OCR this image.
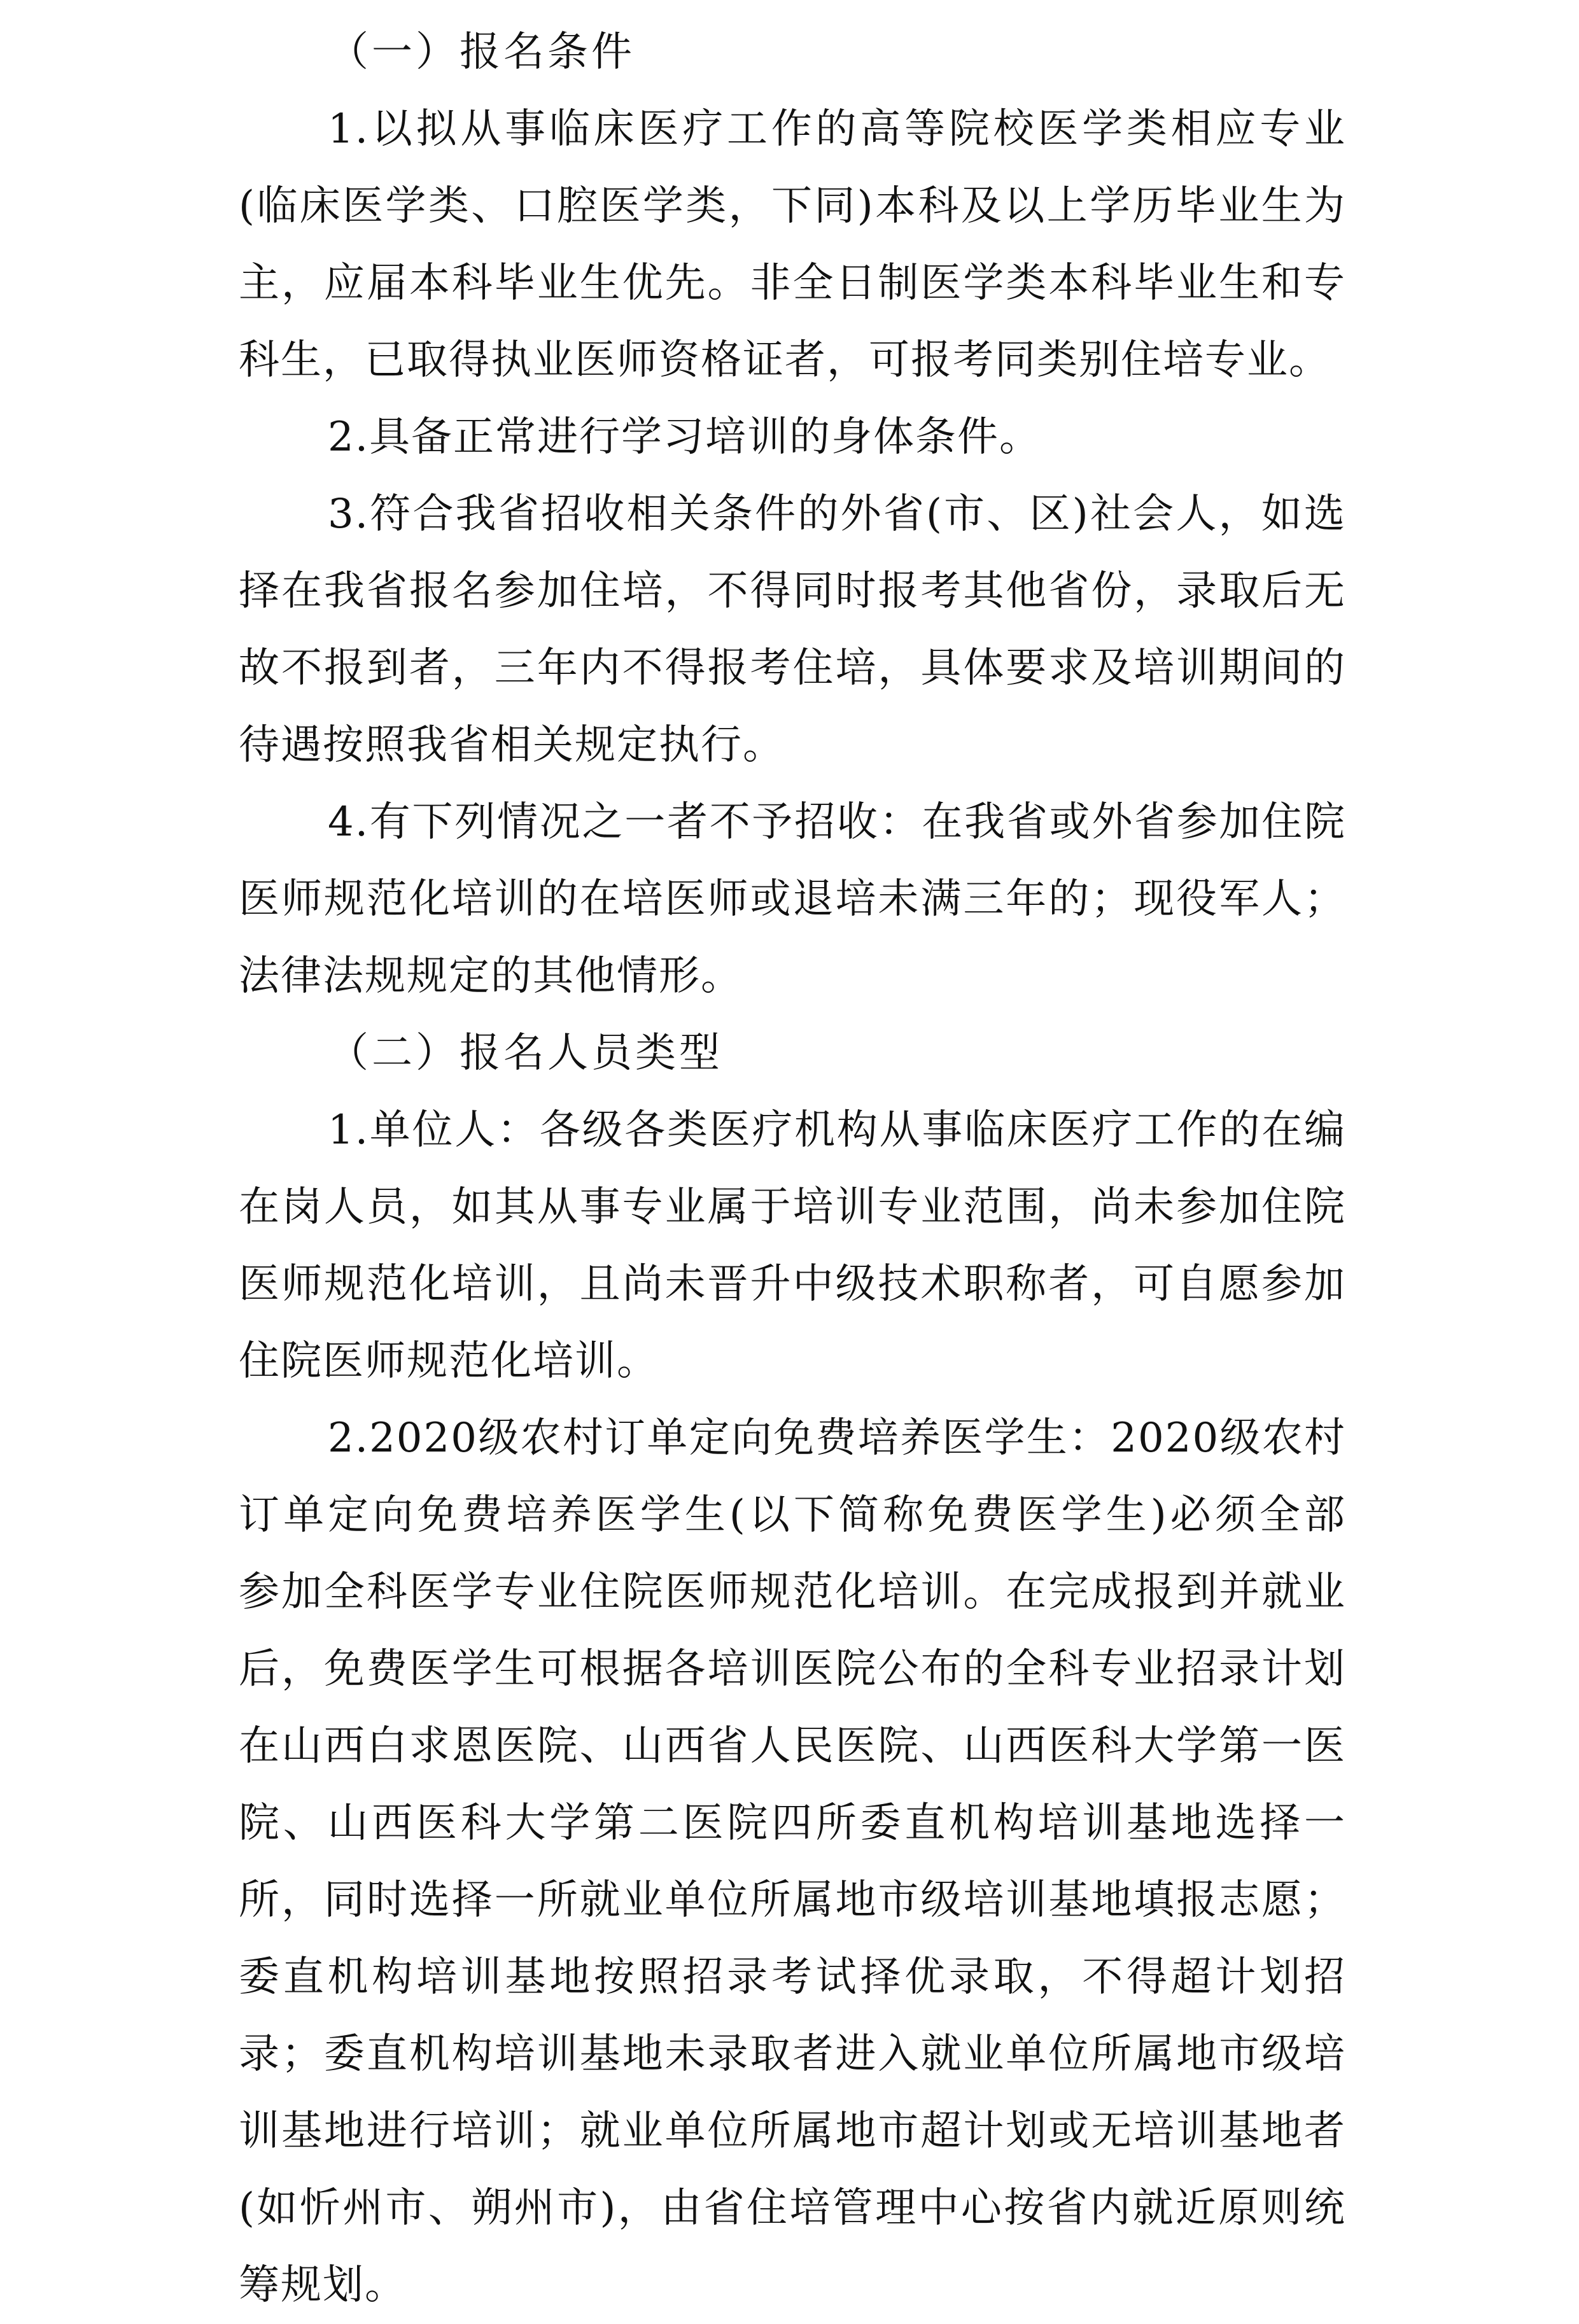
（一）报名条件
1.以拟从事临床医疗工作的高等院校医学类相应专业
(临床医学类、口腔医学类，下同)本科及以上学历毕业生为
主，应届本科毕业生优先。非全日制医学类本科毕业生和专
科生，已取得执业医师资格证者，可报考同类别住培专业。
2.具备正常进行学习培训的身体条件。
3.符合我省招收相关条件的外省(市、区)社会人，如选
择在我省报名参加住培，不得同时报考其他省份，录取后无
故不报到者，三年内不得报考住培，具体要求及培训期间的
待遇按照我省相关规定执行。
4.有下列情况之一者不予招收：在我省或外省参加住院
医师规范化培训的在培医师或退培未满三年的；现役军人；
法律法规规定的其他情形。
（二）报名人员类型
1.单位人：各级各类医疗机构从事临床医疗工作的在编
在岗人员，如其从事专业属于培训专业范围，尚未参加住院
医师规范化培训，且尚未晋升中级技术职称者，可自愿参加
住院医师规范化培训。
2.2020级农村订单定向免费培养医学生：2020级农村
订单定向免费培养医学生(以下简称免费医学生)必须全部
参加全科医学专业住院医师规范化培训。在完成报到并就业
后，免费医学生可根据各培训医院公布的全科专业招录计划
在山西白求恩医院、山西省人民医院、山西医科大学第一医
院、山西医科大学第二医院四所委直机构培训基地选择一
所，同时选择一所就业单位所属地市级培训基地填报志愿；
委直机构培训基地按照招录考试择优录取，不得超计划招
录；委直机构培训基地未录取者进入就业单位所属地市级培
训基地进行培训；就业单位所属地市超计划或无培训基地者
(如忻州市、朔州市)，由省住培管理中心按省内就近原则统
筹规划。
